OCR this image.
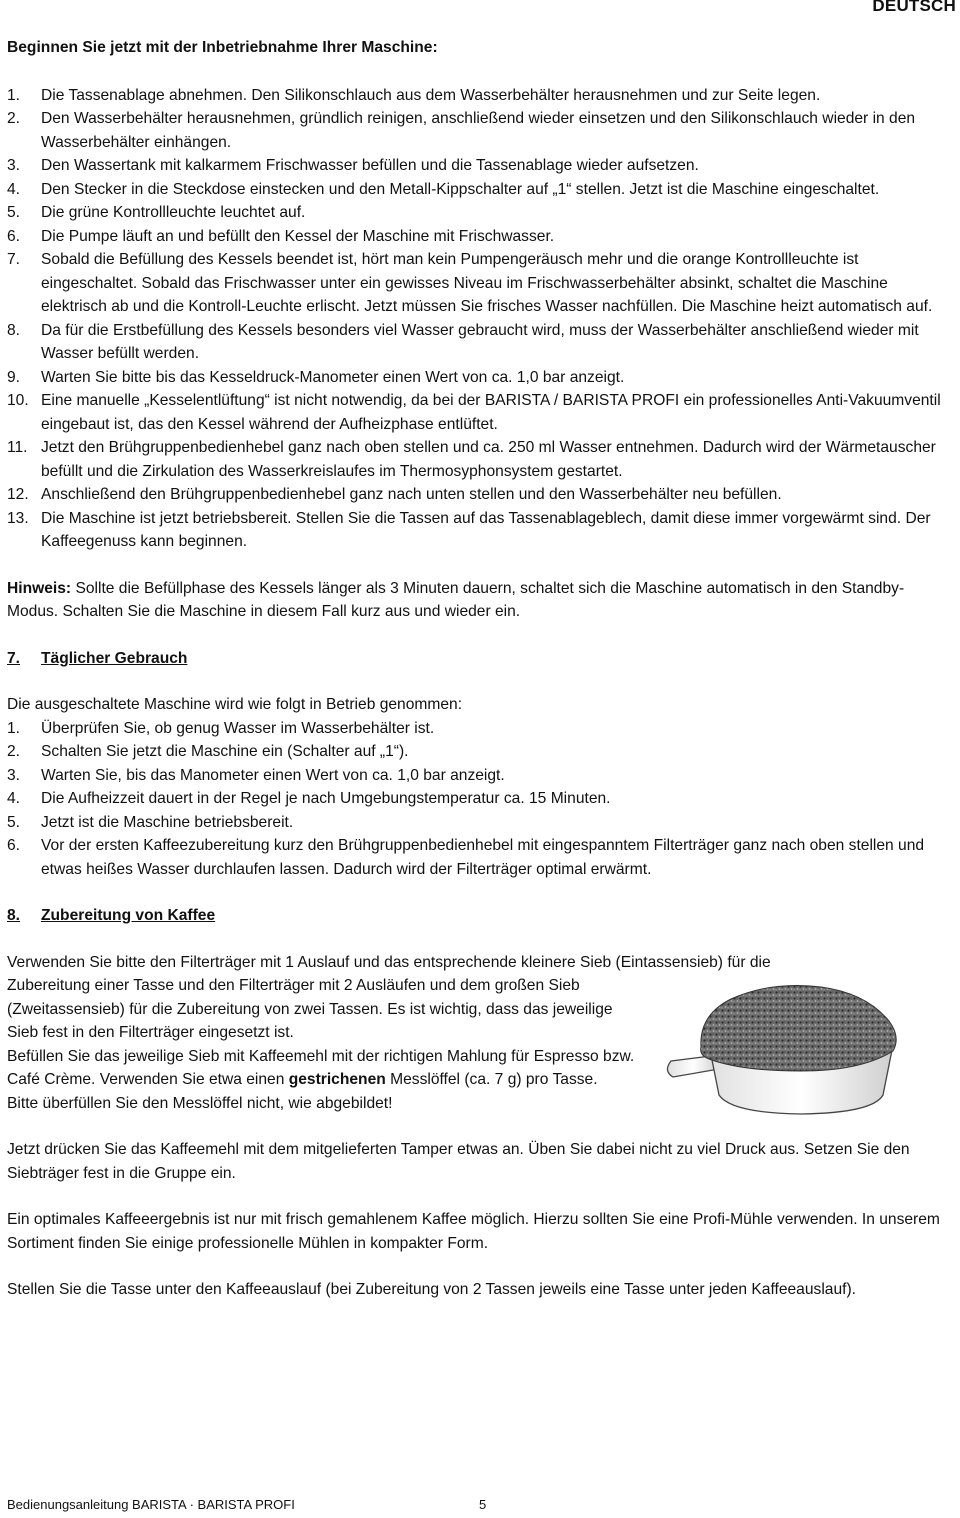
DEUTSCH

Beginnen Sie jetzt mit der Inbetriebnahme Ihrer Maschine:

1. Die Tassenablage abnehmen. Den Silikonschlauch aus dem Wasserbehälter herausnehmen und zur Seite legen.
2. Den Wasserbehälter herausnehmen, gründlich reinigen, anschließend wieder einsetzen und den Silikonschlauch wieder in den Wasserbehälter einhängen.
3. Den Wassertank mit kalkarmem Frischwasser befüllen und die Tassenablage wieder aufsetzen.
4. Den Stecker in die Steckdose einstecken und den Metall-Kippschalter auf „1“ stellen. Jetzt ist die Maschine eingeschaltet.
5. Die grüne Kontrollleuchte leuchtet auf.
6. Die Pumpe läuft an und befüllt den Kessel der Maschine mit Frischwasser.
7. Sobald die Befüllung des Kessels beendet ist, hört man kein Pumpengeräusch mehr und die orange Kontrollleuchte ist eingeschaltet. Sobald das Frischwasser unter ein gewisses Niveau im Frischwasserbehälter absinkt, schaltet die Maschine elektrisch ab und die Kontroll-Leuchte erlischt. Jetzt müssen Sie frisches Wasser nachfüllen. Die Maschine heizt automatisch auf.
8. Da für die Erstbefüllung des Kessels besonders viel Wasser gebraucht wird, muss der Wasserbehälter anschließend wieder mit Wasser befüllt werden.
9. Warten Sie bitte bis das Kesseldruck-Manometer einen Wert von ca. 1,0 bar anzeigt.
10. Eine manuelle „Kesselentlüftung“ ist nicht notwendig, da bei der BARISTA / BARISTA PROFI ein professionelles Anti-Vakuumventil eingebaut ist, das den Kessel während der Aufheizphase entlüftet.
11. Jetzt den Brühgruppenbedienhebel ganz nach oben stellen und ca. 250 ml Wasser entnehmen. Dadurch wird der Wärmetauscher befüllt und die Zirkulation des Wasserkreislaufes im Thermosyphonsystem gestartet.
12. Anschließend den Brühgruppenbedienhebel ganz nach unten stellen und den Wasserbehälter neu befüllen.
13. Die Maschine ist jetzt betriebsbereit. Stellen Sie die Tassen auf das Tassenablageblech, damit diese immer vorgewärmt sind. Der Kaffeegenuss kann beginnen.

Hinweis: Sollte die Befüllphase des Kessels länger als 3 Minuten dauern, schaltet sich die Maschine automatisch in den Standby-Modus. Schalten Sie die Maschine in diesem Fall kurz aus und wieder ein.

7. Täglicher Gebrauch

Die ausgeschaltete Maschine wird wie folgt in Betrieb genommen:

1. Überprüfen Sie, ob genug Wasser im Wasserbehälter ist.
2. Schalten Sie jetzt die Maschine ein (Schalter auf „1“).
3. Warten Sie, bis das Manometer einen Wert von ca. 1,0 bar anzeigt.
4. Die Aufheizzeit dauert in der Regel je nach Umgebungstemperatur ca. 15 Minuten.
5. Jetzt ist die Maschine betriebsbereit.
6. Vor der ersten Kaffeezubereitung kurz den Brühgruppenbedienhebel mit eingespanntem Filterträger ganz nach oben stellen und etwas heißes Wasser durchlaufen lassen. Dadurch wird der Filterträger optimal erwärmt.

8. Zubereitung von Kaffee

Verwenden Sie bitte den Filterträger mit 1 Auslauf und das entsprechende kleinere Sieb (Eintassensieb) für die

Zubereitung einer Tasse und den Filterträger mit 2 Ausläufen und dem großen Sieb (Zweitassensieb) für die Zubereitung von zwei Tassen. Es ist wichtig, dass das jeweilige Sieb fest in den Filterträger eingesetzt ist.

Befüllen Sie das jeweilige Sieb mit Kaffeemehl mit der richtigen Mahlung für Espresso bzw. Café Crème. Verwenden Sie etwa einen gestrichenen Messlöffel (ca. 7 g) pro Tasse.

Bitte überfüllen Sie den Messlöffel nicht, wie abgebildet!

Jetzt drücken Sie das Kaffeemehl mit dem mitgelieferten Tamper etwas an. Üben Sie dabei nicht zu viel Druck aus. Setzen Sie den Siebträger fest in die Gruppe ein.

Ein optimales Kaffeeergebnis ist nur mit frisch gemahlenem Kaffee möglich. Hierzu sollten Sie eine Profi-Mühle verwenden. In unserem Sortiment finden Sie einige professionelle Mühlen in kompakter Form.

Stellen Sie die Tasse unter den Kaffeeauslauf (bei Zubereitung von 2 Tassen jeweils eine Tasse unter jeden Kaffeeauslauf).

Bedienungsanleitung BARISTA · BARISTA PROFI	5
